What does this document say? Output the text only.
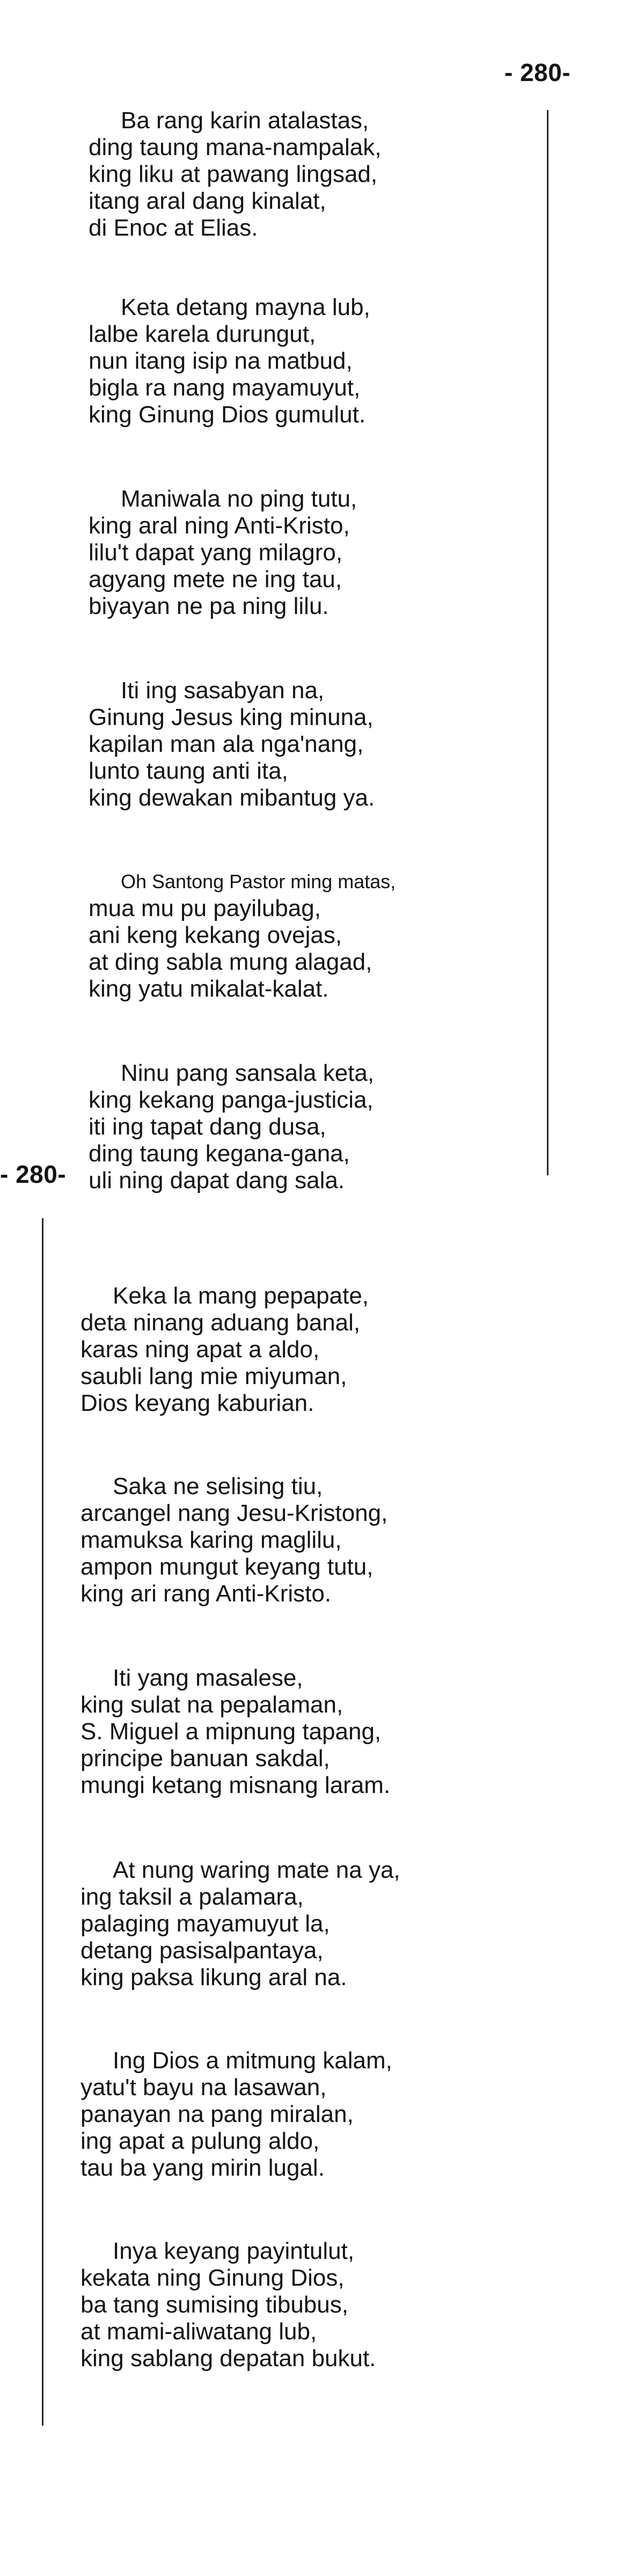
- 280-
Ba rang karin atalastas,
ding taung mana-nampalak,
king liku at pawang lingsad,
itang aral dang kinalat,
di Enoc at Elias.
Keta detang mayna lub,
lalbe karela durungut,
nun itang isip na matbud,
bigla ra nang mayamuyut,
king Ginung Dios gumulut.
Maniwala no ping tutu,
king aral ning Anti-Kristo,
lilu't dapat yang milagro,
agyang mete ne ing tau,
biyayan ne pa ning lilu.
Iti ing sasabyan na,
Ginung Jesus king minuna,
kapilan man ala nga'nang,
lunto taung anti ita,
king dewakan mibantug ya.
Oh Santong Pastor ming matas,
mua mu pu payilubag,
ani keng kekang ovejas,
at ding sabla mung alagad,
king yatu mikalat-kalat.
Ninu pang sansala keta,
king kekang panga-justicia,
iti ing tapat dang dusa,
ding taung kegana-gana,
uli ning dapat dang sala.
- 280-
Keka la mang pepapate,
deta ninang aduang banal,
karas ning apat a aldo,
saubli lang mie miyuman,
Dios keyang kaburian.
Saka ne selising tiu,
arcangel nang Jesu-Kristong,
mamuksa karing maglilu,
ampon mungut keyang tutu,
king ari rang Anti-Kristo.
Iti yang masalese,
king sulat na pepalaman,
S. Miguel a mipnung tapang,
principe banuan sakdal,
mungi ketang misnang laram.
At nung waring mate na ya,
ing taksil a palamara,
palaging mayamuyut la,
detang pasisalpantaya,
king paksa likung aral na.
Ing Dios a mitmung kalam,
yatu't bayu na lasawan,
panayan na pang miralan,
ing apat a pulung aldo,
tau ba yang mirin lugal.
Inya keyang payintulut,
kekata ning Ginung Dios,
ba tang sumising tibubus,
at mami-aliwatang lub,
king sablang depatan bukut.
